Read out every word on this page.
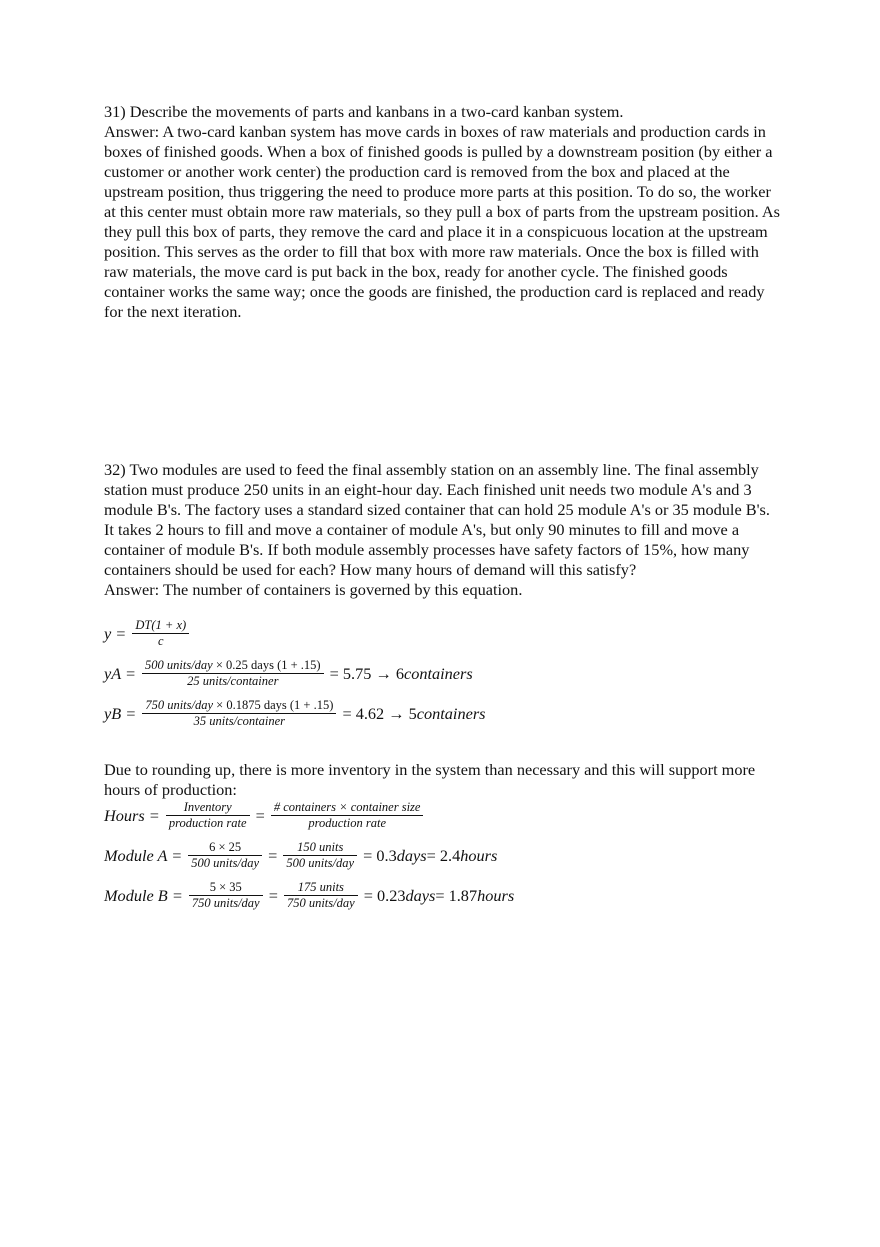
31) Describe the movements of parts and kanbans in a two-card kanban system.

Answer: A two-card kanban system has move cards in boxes of raw materials and production cards in boxes of finished goods. When a box of finished goods is pulled by a downstream position (by either a customer or another work center) the production card is removed from the box and placed at the upstream position, thus triggering the need to produce more parts at this position. To do so, the worker at this center must obtain more raw materials, so they pull a box of parts from the upstream position. As they pull this box of parts, they remove the card and place it in a conspicuous location at the upstream position. This serves as the order to fill that box with more raw materials. Once the box is filled with raw materials, the move card is put back in the box, ready for another cycle. The finished goods container works the same way; once the goods are finished, the production card is replaced and ready for the next iteration.

32) Two modules are used to feed the final assembly station on an assembly line. The final assembly station must produce 250 units in an eight-hour day. Each finished unit needs two module A's and 3 module B's. The factory uses a standard sized container that can hold 25 module A's or 35 module B's. It takes 2 hours to fill and move a container of module A's, but only 90 minutes to fill and move a container of module B's. If both module assembly processes have safety factors of 15%, how many containers should be used for each? How many hours of demand will this satisfy?

Answer: The number of containers is governed by this equation.

$y = \frac{DT(1 + x)}{c}$
yA = $\frac{\text{500 units/day × 0.25 days (1 + .15)}}{\text{25 units/container}} = 5.75$ → 6containers
yB = $\frac{\text{750 units/day × 0.1875 days (1 + .15)}}{\text{35 units/container}} = 4.62$ → 5containers
Due to rounding up, there is more inventory in the system than necessary and this will support more hours of production:
Hours = $\frac{\text{Inventory}}{\text{production rate}} = \frac{\text{\# containers × container size}}{\text{production rate}}$
Module $A = \frac{6 \times 25}{\text{500 units/day}} = \frac{\text{150 units}}{\text{500 units/day}}$ = 0.3days= 2.4hours
Module $B = \frac{5 \times 35}{\text{750 units/day}} = \frac{\text{175 units}}{\text{750 units/day}}$ = 0.23days= 1.87hours
